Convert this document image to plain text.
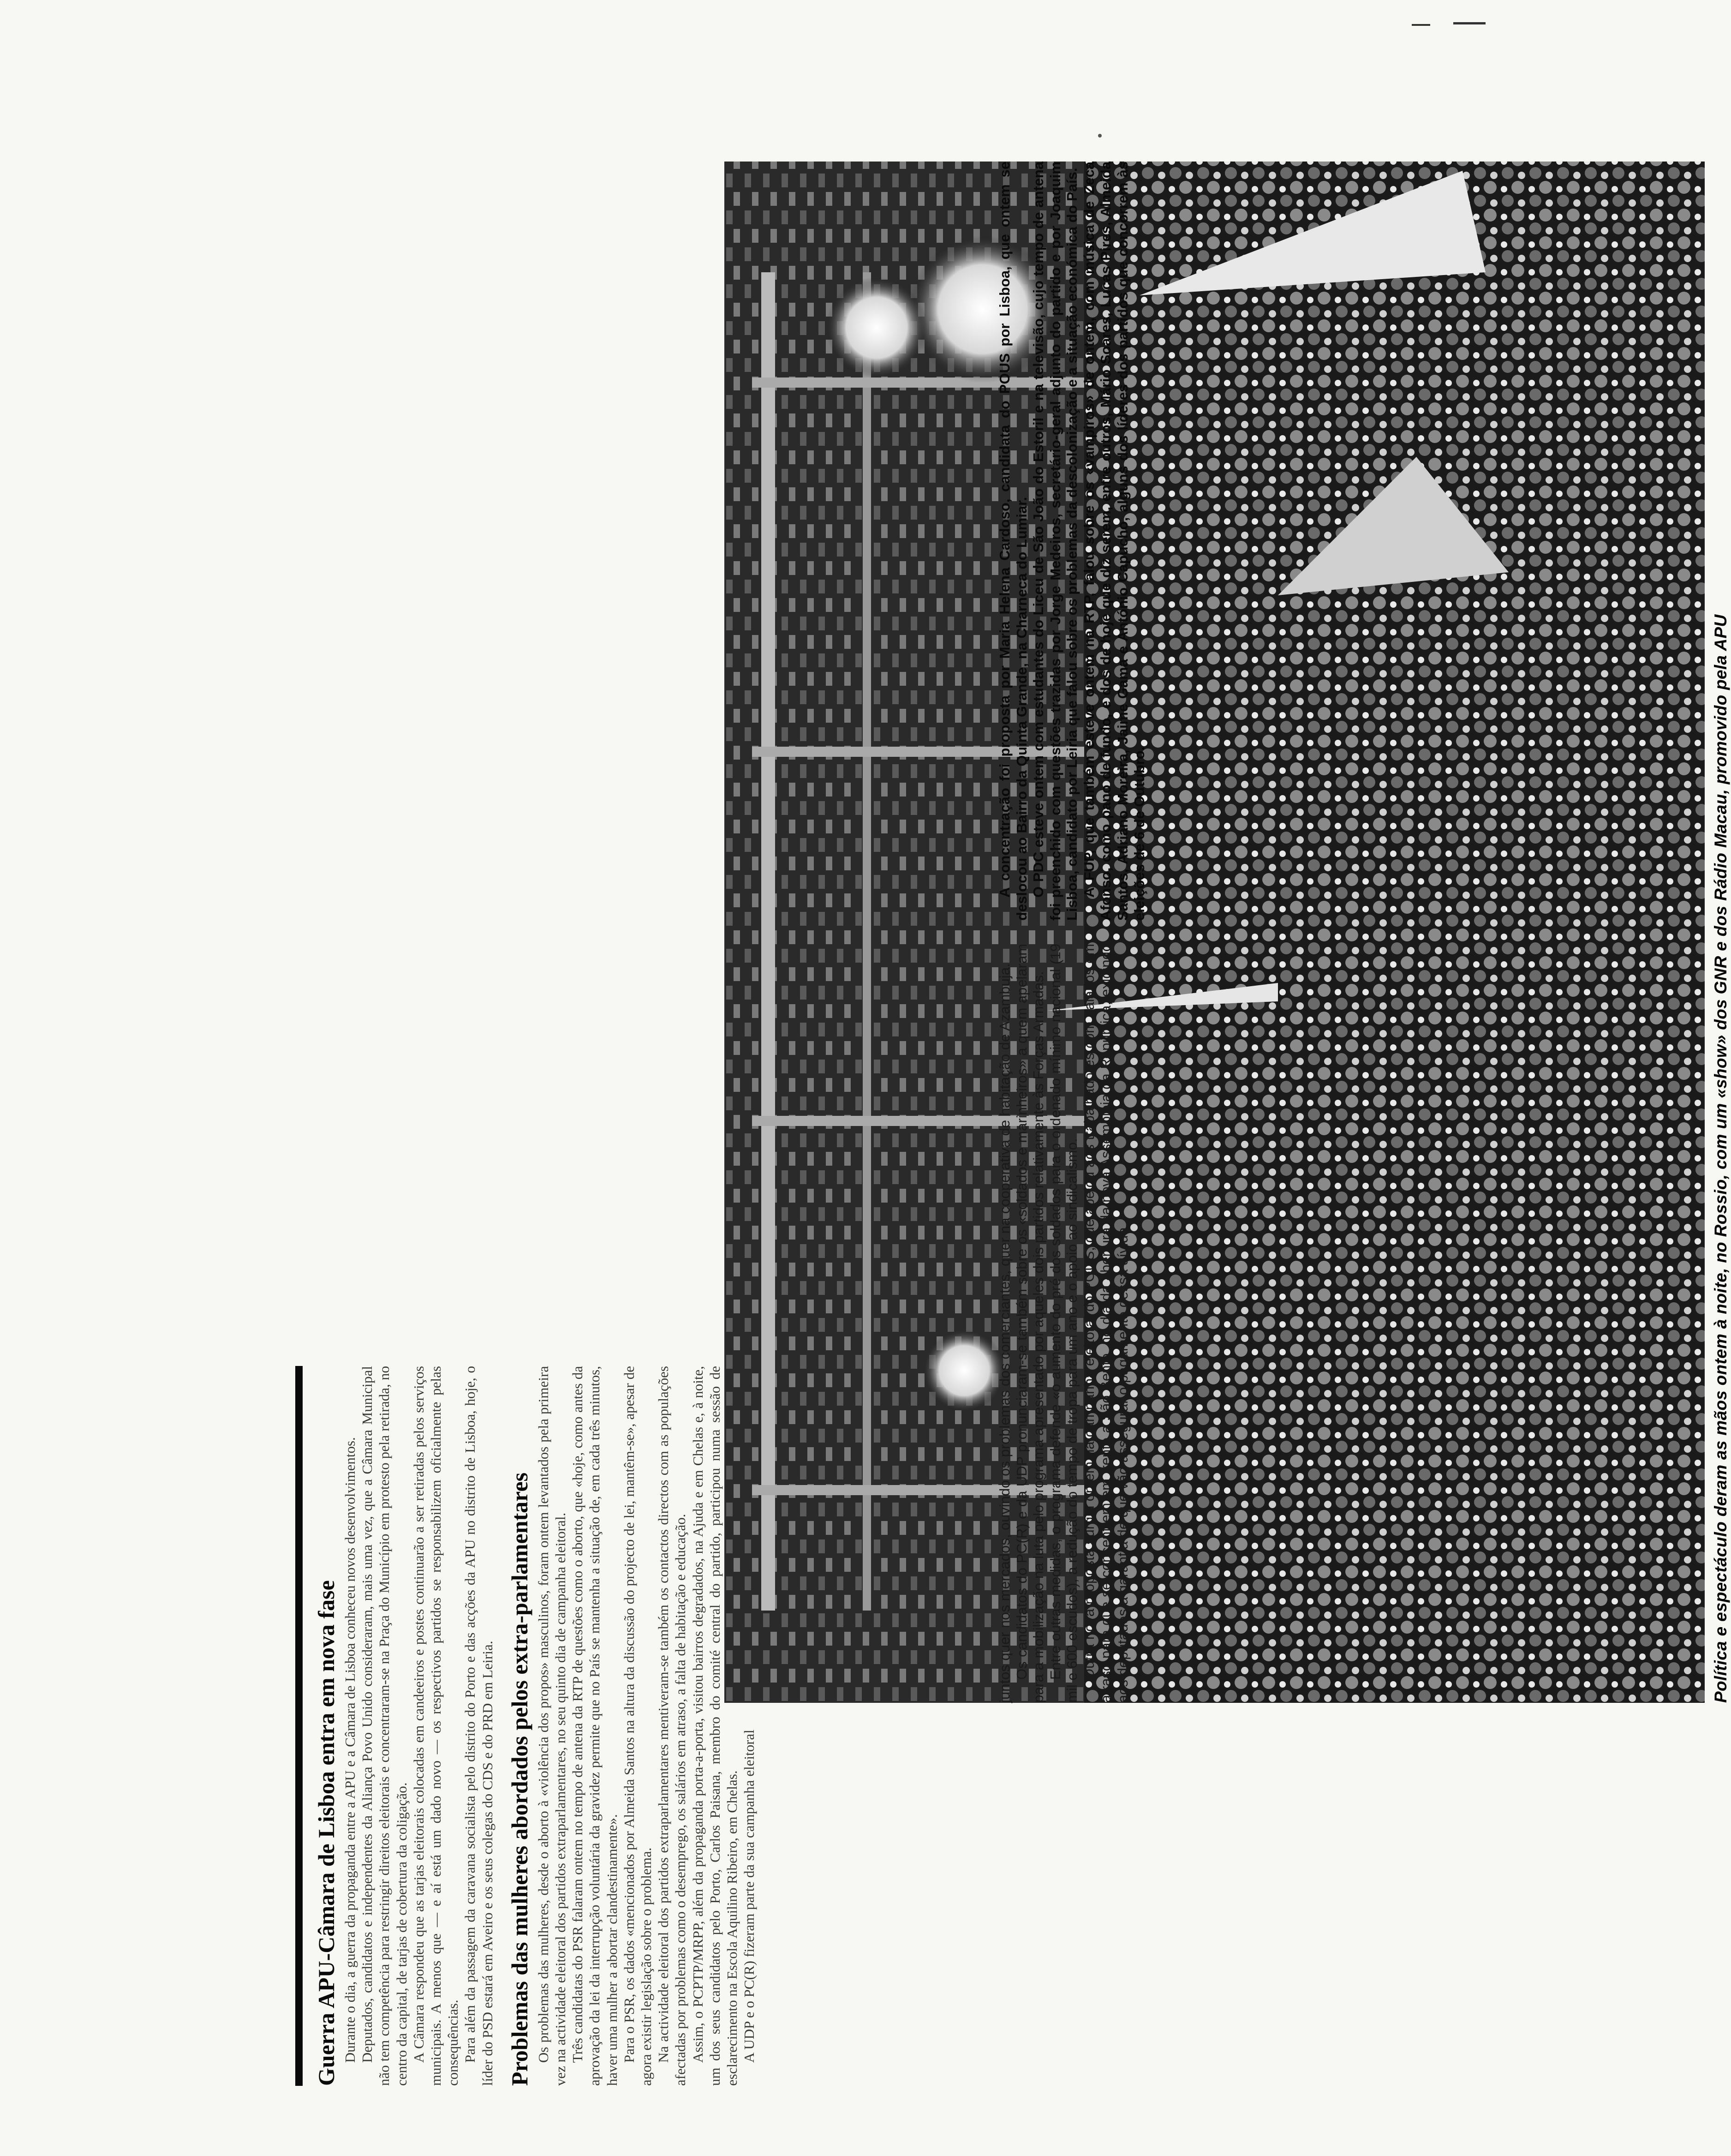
Guerra APU-Câmara de Lisboa entra em nova fase Durante o dia, a guerra da propaganda entre a APU e a Câmara de Lisboa conheceu novos desenvolvimentos. Deputados, candidatos e independentes da Aliança Povo Unido consideraram, mais uma vez, que a Câmara Municipal não tem competência para restringir direitos eleitorais e concentraram-se na Praça do Município em protesto pela retirada, no centro da capital, de tarjas de cobertura da coligação. A Câmara respondeu que as tarjas eleitorais colocadas em candeeiros e postes continuarão a ser retiradas pelos serviços municipais. A menos que — e aí está um dado novo — os respectivos partidos se responsabilizem oficialmente pelas consequências. Para além da passagem da caravana socialista pelo distrito do Porto e das acções da APU no distrito de Lisboa, hoje, o líder do PSD estará em Aveiro e os seus colegas do CDS e do PRD em Leiria. Problemas das mulheres abordados pelos extra-parlamentares Os problemas das mulheres, desde o aborto à «violência dos propos» masculinos, foram ontem levantados pela primeira vez na actividade eleitoral dos partidos extraparlamentares, no seu quinto dia de campanha eleitoral. Três candidatas do PSR falaram ontem no tempo de antena da RTP de questões como o aborto, que «hoje, como antes da aprovação da lei da interrupção voluntária da gravidez permite que no País se mantenha a situação de, em cada três minutos, haver uma mulher a abortar clandestinamente». Para o PSR, os dados «mencionados por Almeida Santos na altura da discussão do projecto de lei, mantêm-se», apesar de agora existir legislação sobre o problema. Na actividade eleitoral dos partidos extraparlamentares mentiveram-se também os contactos directos com as populações afectadas por problemas como o desemprego, os salários em atraso, a falta de habitação e educação. Assim, o PCPTP/MRPP, além da propaganda porta-a-porta, visitou bairros degradados, na Ajuda e em Chelas e, à noite, um dos seus candidatos pelo Porto, Carlos Paisana, membro do comité central do partido, participou numa sessão de esclarecimento na Escola Aquilino Ribeiro, em Chelas. A UDP e o PC(R) fizeram parte da sua campanha eleitoral

Política e espectáculo deram as mãos ontem à noite, no Rossio, com um «show» dos GNR e dos Rádio Macau, promovido pela APU

juntos quer nos mercados, ouvindo os problemas dos comerciantes, quer na cooperativa de habitação de Azambuja. Os candidatos do PC(R) e da UDP pronunciaram-se também sobre os «soldados e marinheiros» a quem apelaram para a mobilização na luta pelo programa apresentado por aqueles dois partidos relativamente às Forças Armadas. Entre outras medidas, o programa defende «o aumento do pré dos soldados para o ordenado mínimo nacional (19 mil e 600 escudos), a redução do tempo de tropa para um ano e o apoio ao sindicalismo. Outra nova proposta surgiu ontem na campanha eleitoral do POUS, que apelou aos trabalhadores com salários em atraso para que se concentrem em frente a São Bento, no dia da abertura da nova Assembleia da República, exigindo aos deputados a garantia de que vão assegurar o pagamento dessa dívida.

A concentração foi proposta por Maria Helena Cardoso, candidata do POUS por Lisboa, que ontem se deslocou ao Bairro da Quinta Grande, na Charneca do Lumiar. O PDC esteve ontem com estudantes do Liceu de São João do Estoril e na televisão, cujo tempo de antena foi preenchido com questões trazidas por Jorge Medeiros, secretário-geral adjunto do partido e por Joaquim Lisboa, candidato por Leiria que falou sobre os problemas da descolonização e a situação económica do País. A FUP, que também esteve ontem na RTP, falou sobre os «vampiros» de ontem, com música de Zeca Afonso, como pano de fundo, e dos de hoje que diz serem, entre outros, Mário Soares, Lucas Pires, Almeida Santos, Adriano Moreira, Jaime Gama e António Capucho, alguns dos líderes dos partidos que concorrem às eleições de 6 de Outubro.
